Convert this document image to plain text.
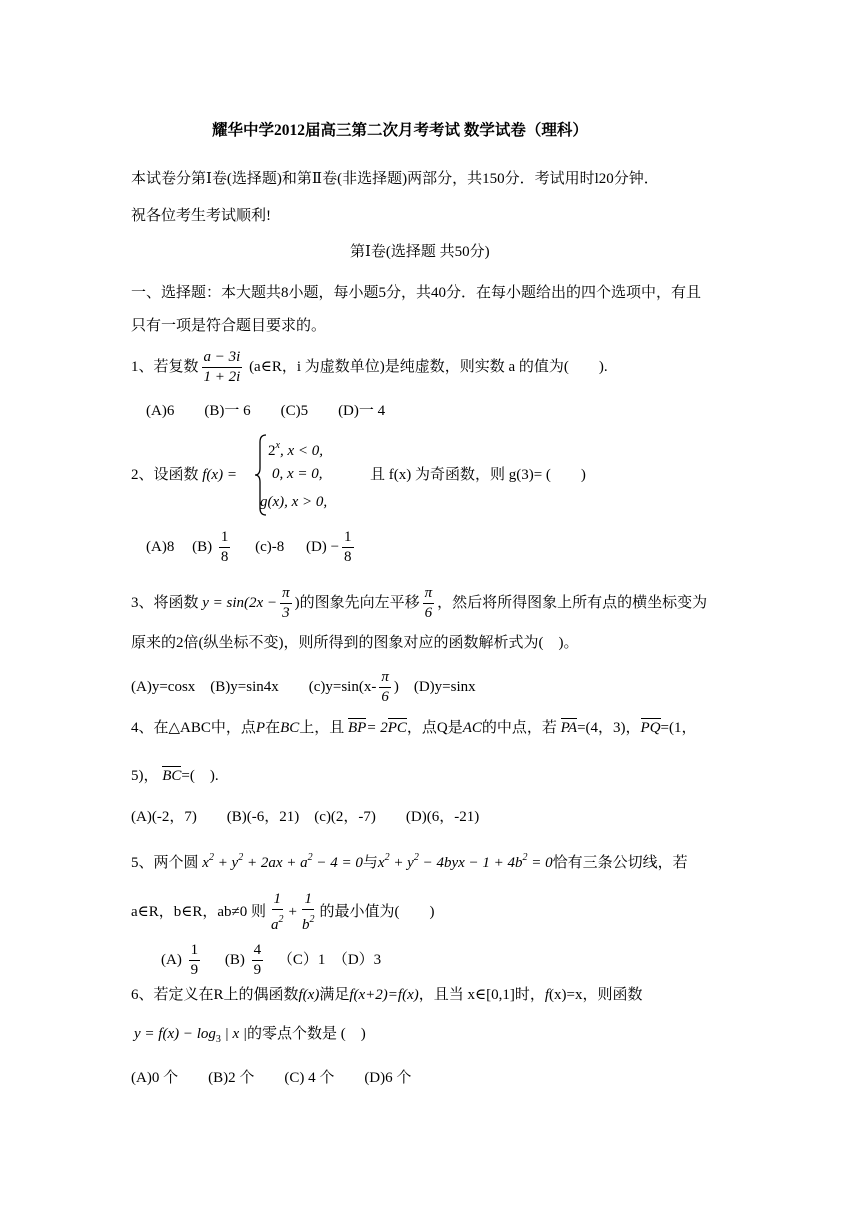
耀华中学2012届高三第二次月考考试 数学试卷（理科）
本试卷分第Ⅰ卷(选择题)和第Ⅱ卷(非选择题)两部分，共150分．考试用时l20分钟．
祝各位考生考试顺利!
第Ⅰ卷(选择题 共50分)
一、选择题：本大题共8小题，每小题5分，共40分．在每小题给出的四个选项中，有且
只有一项是符合题目要求的。
1、若复数 $\frac{a - 3i}{1 + 2i}$ (a∈R，i 为虚数单位)是纯虚数，则实数 a 的值为(　　).
(A)6　　(B)一 6　　(C)5　　(D)一 4
2、设函数 f(x) =
$2^x$, x < 0,
0, x = 0,
g(x), x > 0,
且 f(x) 为奇函数，则 g(3)= (　　)
(A)8 $(B) \frac{1}{8} (c)-8$ $(D) - \frac{1}{8}$
3、将函数 $y = \sin(2x - \frac{\pi}{3}$ )的图象先向左平移 $\frac{\pi}{6}$ ，然后将所得图象上所有点的横坐标变为
原来的2倍(纵坐标不变)，则所得到的图象对应的函数解析式为(　)。
(A)y=cosx　(B)y=sin4x　　$(c)y=\sin(x- \frac{\pi}{6}$ )　(D)y=sinx
4、在△ABC中，点P在BC上，且 BP= 2PC，点Q是AC的中点，若 PA=(4，3)，PQ=(1，
5)， BC=(　).
(A)(-2，7)　　(B)(-6，21)　(c)(2，-7)　　(D)(6，-21)
5、两个圆 $x^2 + y^2 + 2ax + a^2 - 4 = 0$与$x^2 + y^2 - 4byx - 1 + 4b^2 = 0$恰有三条公切线，若
a∈R，b∈R，ab≠0 则 $\frac{1}{a^2} + \frac{1}{b^2}$ 的最小值为(　　)
$(A) \frac{1}{9} (B) \frac{4}{9} (C)1$　（D）3
6、若定义在R上的偶函数f(x)满足f(x+2)=f(x)，且当 x∈[0,1]时，f(x)=x，则函数
$y = f(x) - \log_3$ | x |的零点个数是 (　)
(A)0 个　　(B)2 个　　(C) 4 个　　(D)6 个
